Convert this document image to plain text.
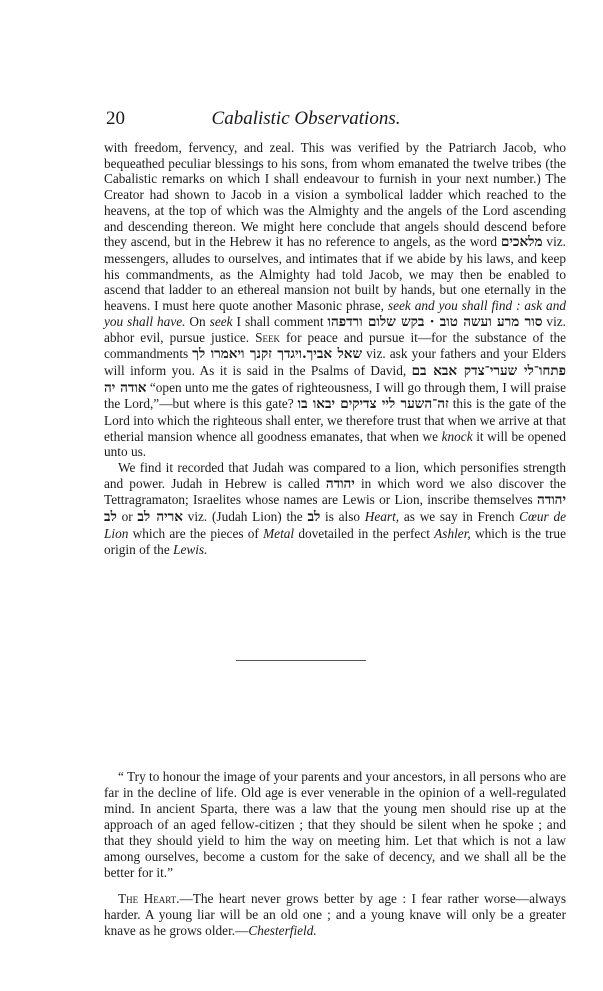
20	Cabalistic Observations.

with freedom, fervency, and zeal. This was verified by the Patriarch Jacob, who bequeathed peculiar blessings to his sons, from whom emanated the twelve tribes (the Cabalistic remarks on which I shall endeavour to furnish in your next number.) The Creator had shown to Jacob in a vision a symbolical ladder which reached to the heavens, at the top of which was the Almighty and the angels of the Lord ascending and descending thereon. We might here conclude that angels should descend before they ascend, but in the Hebrew it has no reference to angels, as the word מלאכים viz. messengers, alludes to ourselves, and intimates that if we abide by his laws, and keep his commandments, as the Almighty had told Jacob, we may then be enabled to ascend that ladder to an ethereal mansion not built by hands, but one eternally in the heavens. I must here quote another Masonic phrase, seek and you shall find : ask and you shall have. On seek I shall comment סור מרע ועשה טוב · בקש שלום ורדפהו viz. abhor evil, pursue justice. Seek for peace and pursue it—for the substance of the commandments שאל אביך.ויגדך זקנך ויאמרו לך viz. ask your fathers and your Elders will inform you. As it is said in the Psalms of David, פתחו־לי שערי־צדק אבא בם אודה יה “open unto me the gates of righteousness, I will go through them, I will praise the Lord,”—but where is this gate? זה־השער ליי צדיקים יבאו בו this is the gate of the Lord into which the righteous shall enter, we therefore trust that when we arrive at that etherial mansion whence all goodness emanates, that when we knock it will be opened unto us.

We find it recorded that Judah was compared to a lion, which personifies strength and power. Judah in Hebrew is called יהודה in which word we also discover the Tettragramaton; Israelites whose names are Lewis or Lion, inscribe themselves יהודה לב or אריה לב viz. (Judah Lion) the לב is also Heart, as we say in French Cœur de Lion which are the pieces of Metal dovetailed in the perfect Ashler, which is the true origin of the Lewis.

“ Try to honour the image of your parents and your ancestors, in all persons who are far in the decline of life. Old age is ever venerable in the opinion of a well-regulated mind. In ancient Sparta, there was a law that the young men should rise up at the approach of an aged fellow-citizen ; that they should be silent when he spoke ; and that they should yield to him the way on meeting him. Let that which is not a law among ourselves, become a custom for the sake of decency, and we shall all be the better for it.”

The Heart.—The heart never grows better by age : I fear rather worse—always harder. A young liar will be an old one ; and a young knave will only be a greater knave as he grows older.—Chesterfield.
